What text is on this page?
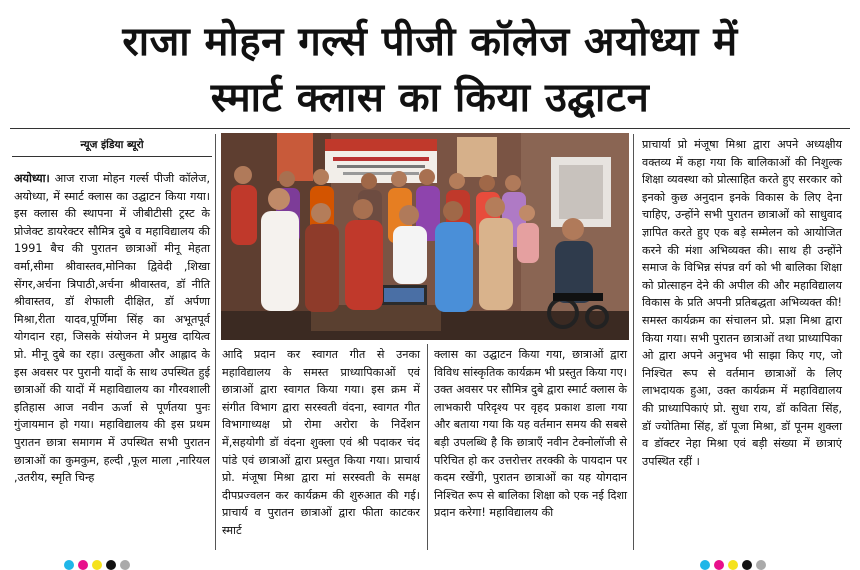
राजा मोहन गर्ल्स पीजी कॉलेज अयोध्या में
स्मार्ट क्लास का किया उद्घाटन
न्यूज इंडिया ब्यूरो

अयोध्या। आज राजा मोहन गर्ल्स पीजी कॉलेज, अयोध्या, में स्मार्ट क्लास का उद्घाटन किया गया। इस क्लास की स्थापना में जीबीटीसी ट्रस्ट के प्रोजेक्ट डायरेक्टर सौमित्र दुबे व महाविद्यालय की 1991 बैच की पुरातन छात्राओं मीनू मेहता वर्मा,सीमा श्रीवास्तव,मोनिका द्विवेदी ,शिखा सेंगर,अर्चना त्रिपाठी,अर्चना श्रीवास्तव, डॉ नीति श्रीवास्तव, डॉ शेफाली दीक्षित, डॉ अर्पणा मिश्रा,रीता यादव,पूर्णिमा सिंह का अभूतपूर्व योगदान रहा, जिसके संयोजन मे प्रमुख दायित्व प्रो. मीनू दुबे का रहा। उत्सुकता और आह्लाद के इस अवसर पर पुरानी यादों के साथ उपस्थित हुई छात्राओं की यादों में महाविद्यालय का गौरवशाली इतिहास आज नवीन ऊर्जा से पूर्णतया पुनः गुंजायमान हो गया। महाविद्यालय की इस प्रथम पुरातन छात्रा समागम में उपस्थित सभी पुरातन छात्राओं का कुमकुम, हल्दी ,फूल माला ,नारियल ,उतरीय, स्मृति चिन्ह

आदि प्रदान कर स्वागत गीत से उनका महाविद्यालय के समस्त प्राध्यापिकाओं एवं छात्राओं द्वारा स्वागत किया गया। इस क्रम में संगीत विभाग द्वारा सरस्वती वंदना, स्वागत गीत विभागाध्यक्ष प्रो रोमा अरोरा के निर्देशन में,सहयोगी डॉ वंदना शुक्ला एवं श्री पदाकर चंद पांडे एवं छात्राओं द्वारा प्रस्तुत किया गया। प्राचार्य प्रो. मंजूषा मिश्रा द्वारा मां सरस्वती के समक्ष दीपप्रज्वलन कर कार्यक्रम की शुरुआत की गई।प्राचार्य व पुरातन छात्राओं द्वारा फीता काटकर स्मार्ट

क्लास का उद्घाटन किया गया, छात्राओं द्वारा विविध सांस्कृतिक कार्यक्रम भी प्रस्तुत किया गए। उक्त अवसर पर सौमित्र दुबे द्वारा स्मार्ट क्लास के लाभकारी परिदृश्य पर वृहद प्रकाश डाला गया और बताया गया कि यह वर्तमान समय की सबसे बड़ी उपलब्धि है कि छात्राएँ नवीन टेक्नोलॉजी से परिचित हो कर उत्तरोत्तर तरक्की के पायदान पर कदम रखेंगी, पुरातन छात्राओं का यह योगदान निश्चित रूप से बालिका शिक्षा को एक नई दिशा प्रदान करेगा! महाविद्यालय की

प्राचार्या प्रो मंजूषा मिश्रा द्वारा अपने अध्यक्षीय वक्तव्य में कहा गया कि बालिकाओं की निशुल्क शिक्षा व्यवस्था को प्रोत्साहित करते हुए सरकार को इनको कुछ अनुदान इनके विकास के लिए देना चाहिए, उन्होंने सभी पुरातन छात्राओं को साधुवाद ज्ञापित करते हुए एक बड़े सम्मेलन को आयोजित करने की मंशा अभिव्यक्त की। साथ ही उन्होंने समाज के विभिन्न संपन्न वर्ग को भी बालिका शिक्षा को प्रोत्साहन देने की अपील की और महाविद्यालय विकास के प्रति अपनी प्रतिबद्धता अभिव्यक्त की! समस्त कार्यक्रम का संचालन प्रो. प्रज्ञा मिश्रा द्वारा किया गया। सभी पुरातन छात्राओं तथा प्राध्यापिका ओ द्वारा अपने अनुभव भी साझा किए गए, जो निश्चित रूप से वर्तमान छात्राओं के लिए लाभदायक हुआ, उक्त कार्यक्रम में महाविद्यालय की प्राध्यापिकाएं प्रो. सुधा राय, डॉ कविता सिंह, डॉ ज्योतिमा सिंह, डॉ पूजा मिश्रा, डॉ पूनम शुक्ला व डॉक्टर नेहा मिश्रा एवं बड़ी संख्या में छात्राएं उपस्थित रहीं ।
